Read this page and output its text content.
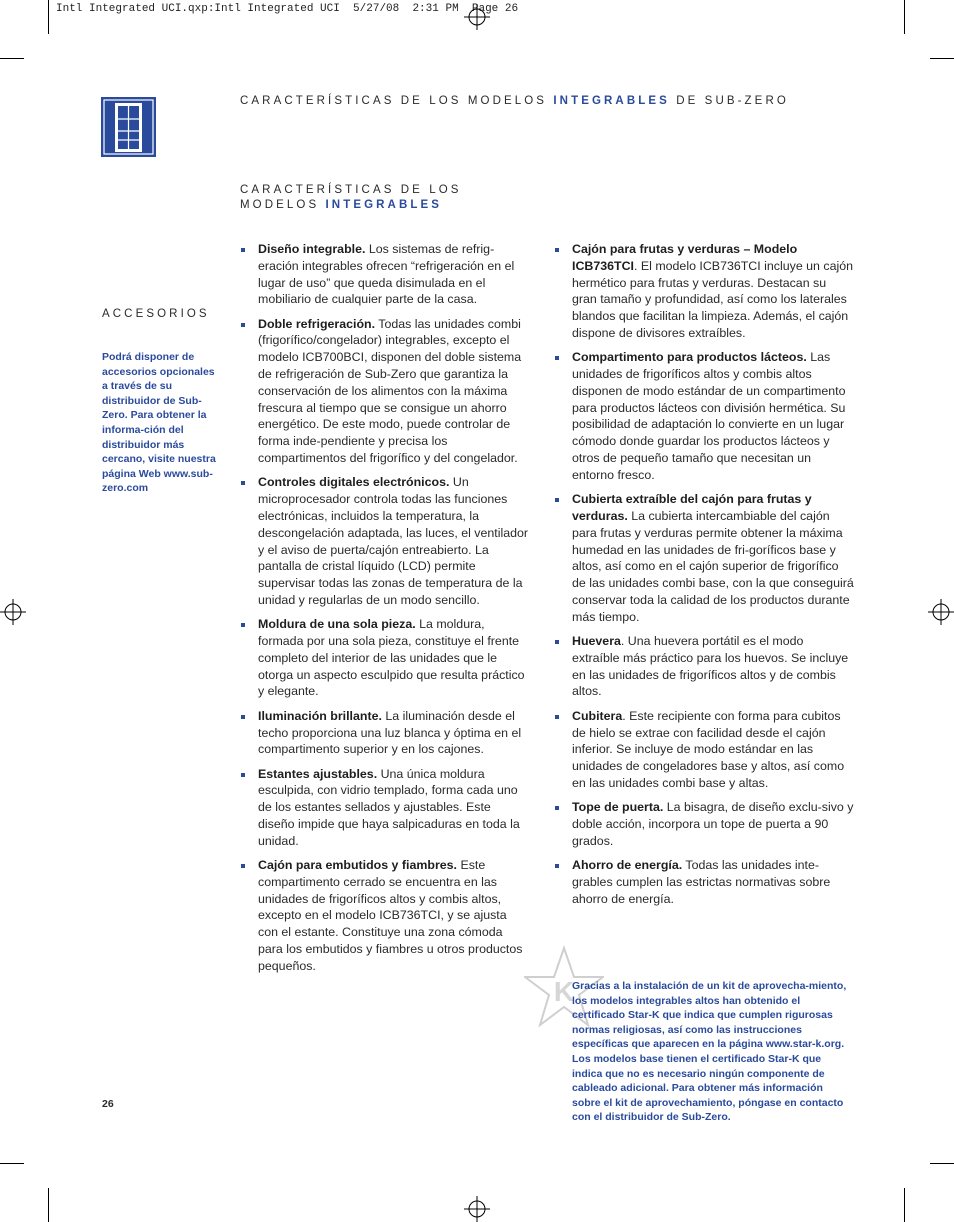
Intl Integrated UCI.qxp:Intl Integrated UCI  5/27/08  2:31 PM  Page 26
CARACTERÍSTICAS DE LOS MODELOS INTEGRABLES DE SUB-ZERO
CARACTERÍSTICAS DE LOS
MODELOS INTEGRABLES
ACCESORIOS
Podrá disponer de accesorios opcionales a través de su distribuidor de Sub-Zero. Para obtener la informa-ción del distribuidor más cercano, visite nuestra página Web www.sub-zero.com
Diseño integrable. Los sistemas de refrig-eración integrables ofrecen “refrigeración en el lugar de uso” que queda disimulada en el mobiliario de cualquier parte de la casa.
Doble refrigeración. Todas las unidades combi (frigorífico/congelador) integrables, excepto el modelo ICB700BCI, disponen del doble sistema de refrigeración de Sub-Zero que garantiza la conservación de los alimentos con la máxima frescura al tiempo que se consigue un ahorro energético. De este modo, puede controlar de forma inde-pendiente y precisa los compartimentos del frigorífico y del congelador.
Controles digitales electrónicos. Un microprocesador controla todas las funciones electrónicas, incluidos la temperatura, la descongelación adaptada, las luces, el ventilador y el aviso de puerta/cajón entreabierto. La pantalla de cristal líquido (LCD) permite supervisar todas las zonas de temperatura de la unidad y regularlas de un modo sencillo.
Moldura de una sola pieza. La moldura, formada por una sola pieza, constituye el frente completo del interior de las unidades que le otorga un aspecto esculpido que resulta práctico y elegante.
Iluminación brillante. La iluminación desde el techo proporciona una luz blanca y óptima en el compartimento superior y en los cajones.
Estantes ajustables. Una única moldura esculpida, con vidrio templado, forma cada uno de los estantes sellados y ajustables. Este diseño impide que haya salpicaduras en toda la unidad.
Cajón para embutidos y fiambres. Este compartimento cerrado se encuentra en las unidades de frigoríficos altos y combis altos, excepto en el modelo ICB736TCI, y se ajusta con el estante. Constituye una zona cómoda para los embutidos y fiambres u otros productos pequeños.
Cajón para frutas y verduras – Modelo ICB736TCI. El modelo ICB736TCI incluye un cajón hermético para frutas y verduras. Destacan su gran tamaño y profundidad, así como los laterales blandos que facilitan la limpieza. Además, el cajón dispone de divisores extraíbles.
Compartimento para productos lácteos. Las unidades de frigoríficos altos y combis altos disponen de modo estándar de un compartimento para productos lácteos con división hermética. Su posibilidad de adaptación lo convierte en un lugar cómodo donde guardar los productos lácteos y otros de pequeño tamaño que necesitan un entorno fresco.
Cubierta extraíble del cajón para frutas y verduras. La cubierta intercambiable del cajón para frutas y verduras permite obtener la máxima humedad en las unidades de fri-goríficos base y altos, así como en el cajón superior de frigorífico de las unidades combi base, con la que conseguirá conservar toda la calidad de los productos durante más tiempo.
Huevera. Una huevera portátil es el modo extraíble más práctico para los huevos. Se incluye en las unidades de frigoríficos altos y de combis altos.
Cubitera. Este recipiente con forma para cubitos de hielo se extrae con facilidad desde el cajón inferior. Se incluye de modo estándar en las unidades de congeladores base y altos, así como en las unidades combi base y altas.
Tope de puerta. La bisagra, de diseño exclu-sivo y doble acción, incorpora un tope de puerta a 90 grados.
Ahorro de energía. Todas las unidades inte-grables cumplen las estrictas normativas sobre ahorro de energía.
K
Gracias a la instalación de un kit de aprovecha-miento, los modelos integrables altos han obtenido el certificado Star-K que indica que cumplen rigurosas normas religiosas, así como las instrucciones específicas que aparecen en la página www.star-k.org. Los modelos base tienen el certificado Star-K que indica que no es necesario ningún componente de cableado adicional. Para obtener más información sobre el kit de aprovechamiento, póngase en contacto con el distribuidor de Sub-Zero.
26
